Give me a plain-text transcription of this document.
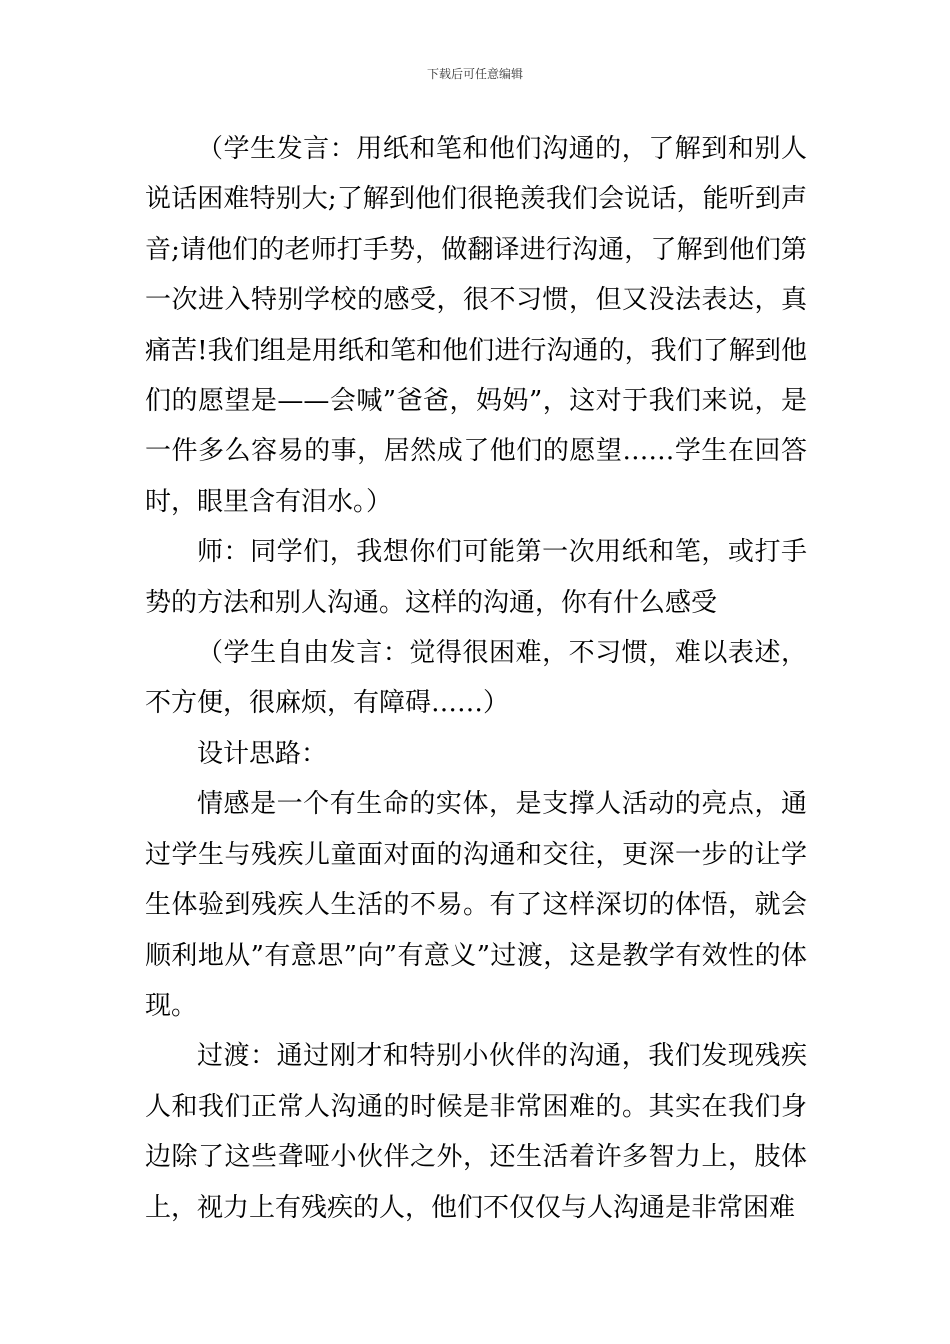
下载后可任意编辑

（学生发言：用纸和笔和他们沟通的，了解到和别人说话困难特别大;了解到他们很艳羡我们会说话，能听到声音;请他们的老师打手势，做翻译进行沟通，了解到他们第一次进入特别学校的感受，很不习惯，但又没法表达，真痛苦!我们组是用纸和笔和他们进行沟通的，我们了解到他们的愿望是——会喊”爸爸，妈妈”，这对于我们来说，是一件多么容易的事，居然成了他们的愿望……学生在回答时，眼里含有泪水。）

师：同学们，我想你们可能第一次用纸和笔，或打手势的方法和别人沟通。这样的沟通，你有什么感受

（学生自由发言：觉得很困难，不习惯，难以表述，不方便，很麻烦，有障碍……）

设计思路：

情感是一个有生命的实体，是支撑人活动的亮点，通过学生与残疾儿童面对面的沟通和交往，更深一步的让学生体验到残疾人生活的不易。有了这样深切的体悟，就会顺利地从”有意思”向”有意义”过渡，这是教学有效性的体现。

过渡：通过刚才和特别小伙伴的沟通，我们发现残疾人和我们正常人沟通的时候是非常困难的。其实在我们身边除了这些聋哑小伙伴之外，还生活着许多智力上，肢体上，视力上有残疾的人，他们不仅仅与人沟通是非常困难
